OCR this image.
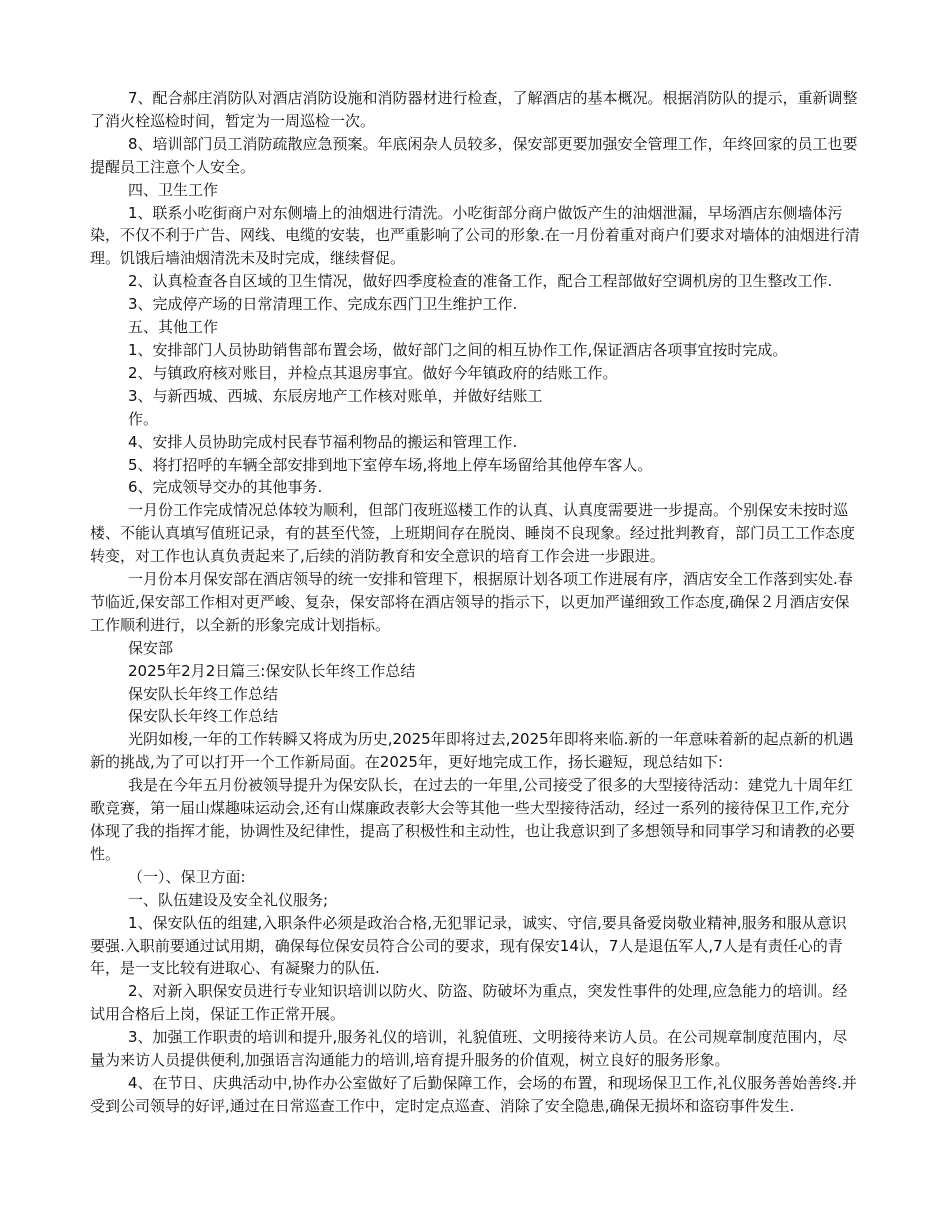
7、配合郝庄消防队对酒店消防设施和消防器材进行检查，了解酒店的基本概况。根据消防队的提示，重新调整了消火栓巡检时间，暂定为一周巡检一次。

8、培训部门员工消防疏散应急预案。年底闲杂人员较多，保安部更要加强安全管理工作，年终回家的员工也要提醒员工注意个人安全。

四、卫生工作

1、联系小吃街商户对东侧墙上的油烟进行清洗。小吃街部分商户做饭产生的油烟泄漏，早场酒店东侧墙体污染，不仅不利于广告、网线、电缆的安装，也严重影响了公司的形象.在一月份着重对商户们要求对墙体的油烟进行清理。饥饿后墙油烟清洗未及时完成，继续督促。

2、认真检查各自区域的卫生情况，做好四季度检查的准备工作，配合工程部做好空调机房的卫生整改工作.

3、完成停产场的日常清理工作、完成东西门卫生维护工作.

五、其他工作

1、安排部门人员协助销售部布置会场，做好部门之间的相互协作工作,保证酒店各项事宜按时完成。

2、与镇政府核对账目，并检点其退房事宜。做好今年镇政府的结账工作。

3、与新西城、西城、东辰房地产工作核对账单，并做好结账工

作。

4、安排人员协助完成村民春节福利物品的搬运和管理工作.

5、将打招呼的车辆全部安排到地下室停车场,将地上停车场留给其他停车客人。

6、完成领导交办的其他事务.

一月份工作完成情况总体较为顺利，但部门夜班巡楼工作的认真、认真度需要进一步提高。个别保安未按时巡楼、不能认真填写值班记录，有的甚至代签，上班期间存在脱岗、睡岗不良现象。经过批判教育，部门员工工作态度转变，对工作也认真负责起来了,后续的消防教育和安全意识的培育工作会进一步跟进。

一月份本月保安部在酒店领导的统一安排和管理下，根据原计划各项工作进展有序，酒店安全工作落到实处.春节临近,保安部工作相对更严峻、复杂，保安部将在酒店领导的指示下，以更加严谨细致工作态度,确保２月酒店安保工作顺利进行，以全新的形象完成计划指标。

保安部

2025年2月2日篇三:保安队长年终工作总结

保安队长年终工作总结

保安队长年终工作总结

光阴如梭,一年的工作转瞬又将成为历史,2025年即将过去,2025年即将来临.新的一年意味着新的起点新的机遇新的挑战,为了可以打开一个工作新局面。在2025年，更好地完成工作，扬长避短，现总结如下:

我是在今年五月份被领导提升为保安队长，在过去的一年里,公司接受了很多的大型接待活动：建党九十周年红歌竞赛，第一届山煤趣味运动会,还有山煤廉政表彰大会等其他一些大型接待活动，经过一系列的接待保卫工作,充分体现了我的指挥才能，协调性及纪律性，提高了积极性和主动性，也让我意识到了多想领导和同事学习和请教的必要性。

（一）、保卫方面:

一、队伍建设及安全礼仪服务;

1、保安队伍的组建,入职条件必须是政治合格,无犯罪记录，诚实、守信,要具备爱岗敬业精神,服务和服从意识要强.入职前要通过试用期，确保每位保安员符合公司的要求，现有保安14认，7人是退伍军人,7人是有责任心的青年，是一支比较有进取心、有凝聚力的队伍.

2、对新入职保安员进行专业知识培训以防火、防盗、防破坏为重点，突发性事件的处理,应急能力的培训。经试用合格后上岗，保证工作正常开展。

3、加强工作职责的培训和提升,服务礼仪的培训，礼貌值班、文明接待来访人员。在公司规章制度范围内，尽量为来访人员提供便利,加强语言沟通能力的培训,培育提升服务的价值观，树立良好的服务形象。

4、在节日、庆典活动中,协作办公室做好了后勤保障工作，会场的布置，和现场保卫工作,礼仪服务善始善终.并受到公司领导的好评,通过在日常巡查工作中，定时定点巡查、消除了安全隐患,确保无损坏和盗窃事件发生.
